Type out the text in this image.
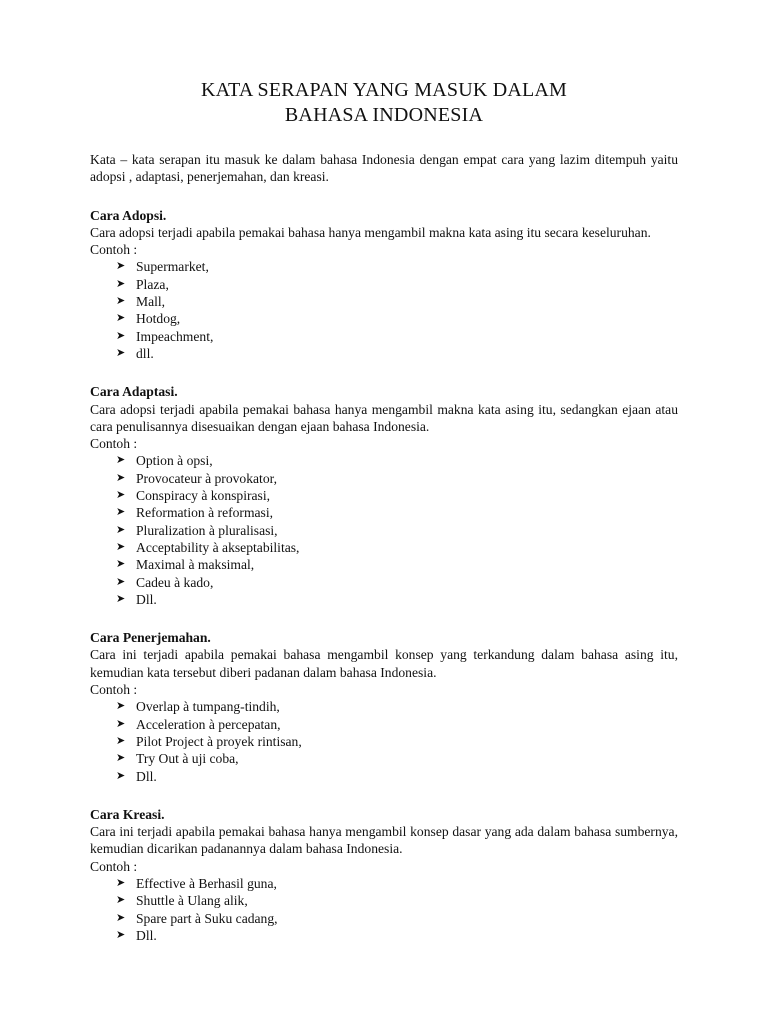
KATA SERAPAN YANG MASUK DALAM
BAHASA INDONESIA

Kata – kata serapan itu masuk ke dalam bahasa Indonesia dengan empat cara yang lazim ditempuh yaitu adopsi , adaptasi, penerjemahan, dan kreasi.

Cara Adopsi.

Cara adopsi terjadi apabila pemakai bahasa hanya mengambil makna kata asing itu secara keseluruhan.

Contoh :

➤ Supermarket,
➤ Plaza,
➤ Mall,
➤ Hotdog,
➤ Impeachment,
➤ dll.

Cara Adaptasi.

Cara adopsi terjadi apabila pemakai bahasa hanya mengambil makna kata asing itu, sedangkan ejaan atau cara penulisannya disesuaikan dengan ejaan bahasa Indonesia.

Contoh :

➤ Option à opsi,
➤ Provocateur à provokator,
➤ Conspiracy à konspirasi,
➤ Reformation à reformasi,
➤ Pluralization à pluralisasi,
➤ Acceptability à akseptabilitas,
➤ Maximal à maksimal,
➤ Cadeu à kado,
➤ Dll.

Cara Penerjemahan.

Cara ini terjadi apabila pemakai bahasa mengambil konsep yang terkandung dalam bahasa asing itu, kemudian kata tersebut diberi padanan dalam bahasa Indonesia.

Contoh :

➤ Overlap à tumpang-tindih,
➤ Acceleration à percepatan,
➤ Pilot Project à proyek rintisan,
➤ Try Out à uji coba,
➤ Dll.

Cara Kreasi.

Cara ini terjadi apabila pemakai bahasa hanya mengambil konsep dasar yang ada dalam bahasa sumbernya, kemudian dicarikan padanannya dalam bahasa Indonesia.

Contoh :

➤ Effective à Berhasil guna,
➤ Shuttle à Ulang alik,
➤ Spare part à Suku cadang,
➤ Dll.
